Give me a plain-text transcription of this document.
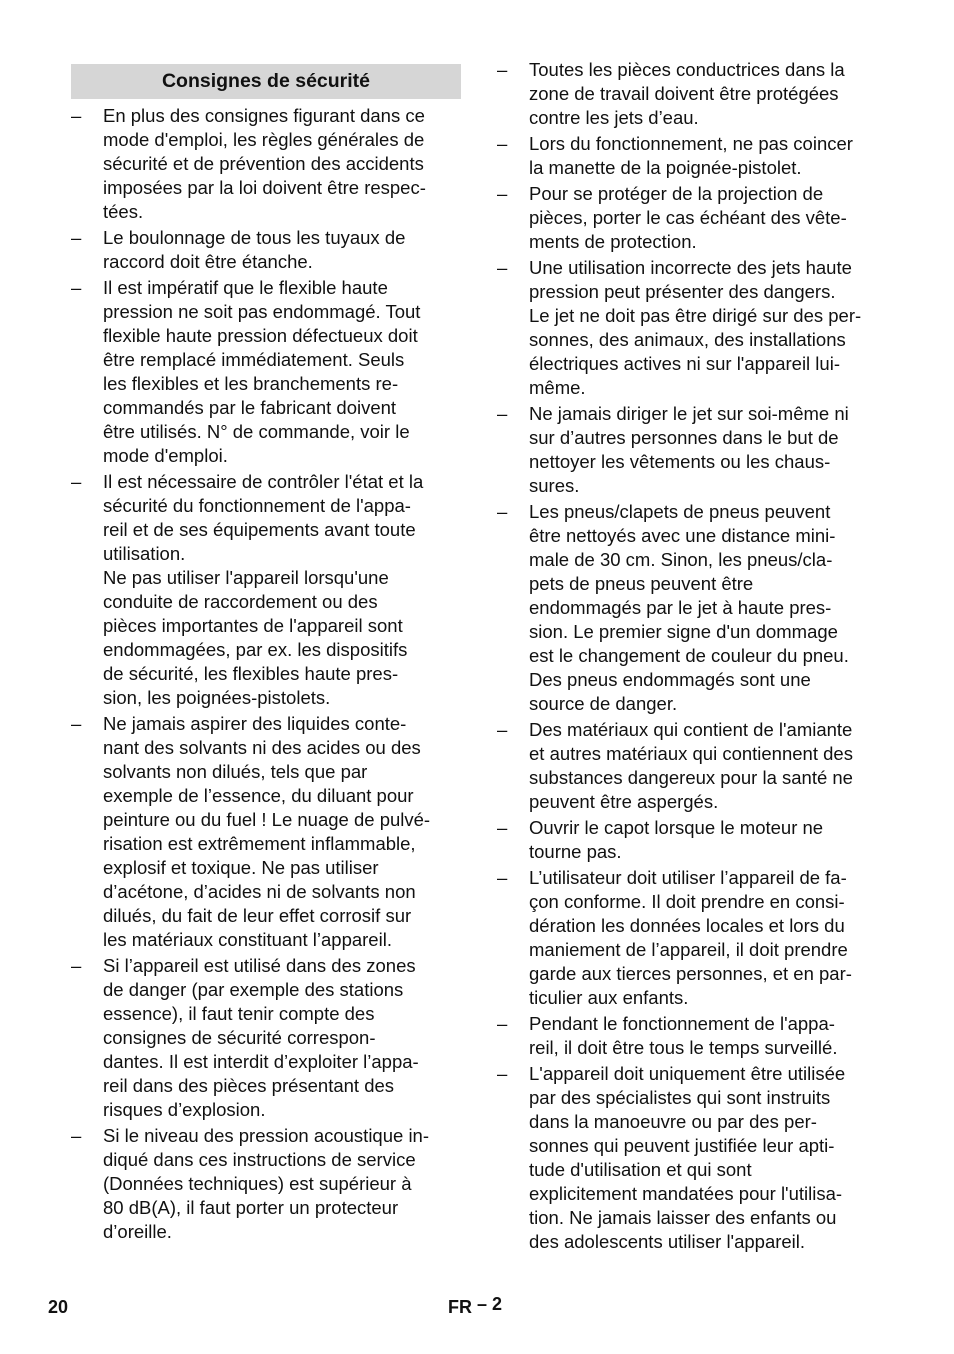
Consignes de sécurité
–	En plus des consignes figurant dans ce
mode d'emploi, les règles générales de
sécurité et de prévention des accidents
imposées par la loi doivent être respec-
tées.

–	Le boulonnage de tous les tuyaux de
raccord doit être étanche.

–	Il est impératif que le flexible haute
pression ne soit pas endommagé. Tout
flexible haute pression défectueux doit
être remplacé immédiatement. Seuls
les flexibles et les branchements re-
commandés par le fabricant doivent
être utilisés. N° de commande, voir le
mode d'emploi.

–	Il est nécessaire de contrôler l'état et la
sécurité du fonctionnement de l'appa-
reil et de ses équipements avant toute
utilisation.

Ne pas utiliser l'appareil lorsqu'une
conduite de raccordement ou des
pièces importantes de l'appareil sont
endommagées, par ex. les dispositifs
de sécurité, les flexibles haute pres-
sion, les poignées-pistolets.

–	Ne jamais aspirer des liquides conte-
nant des solvants ni des acides ou des
solvants non dilués, tels que par
exemple de l’essence, du diluant pour
peinture ou du fuel ! Le nuage de pulvé-
risation est extrêmement inflammable,
explosif et toxique. Ne pas utiliser
d’acétone, d’acides ni de solvants non
dilués, du fait de leur effet corrosif sur
les matériaux constituant l’appareil.

–	Si l’appareil est utilisé dans des zones
de danger (par exemple des stations
essence), il faut tenir compte des
consignes de sécurité correspon-
dantes. Il est interdit d’exploiter l’appa-
reil dans des pièces présentant des
risques d’explosion.

–	Si le niveau des pression acoustique in-
diqué dans ces instructions de service
(Données techniques) est supérieur à
80 dB(A), il faut porter un protecteur
d’oreille.

–	Toutes les pièces conductrices dans la
zone de travail doivent être protégées
contre les jets d’eau.

–	Lors du fonctionnement, ne pas coincer
la manette de la poignée-pistolet.

–	Pour se protéger de la projection de
pièces, porter le cas échéant des vête-
ments de protection.

–	Une utilisation incorrecte des jets haute
pression peut présenter des dangers.
Le jet ne doit pas être dirigé sur des per-
sonnes, des animaux, des installations
électriques actives ni sur l'appareil lui-
même.

–	Ne jamais diriger le jet sur soi-même ni
sur d’autres personnes dans le but de
nettoyer les vêtements ou les chaus-
sures.

–	Les pneus/clapets de pneus peuvent
être nettoyés avec une distance mini-
male de 30 cm. Sinon, les pneus/cla-
pets de pneus peuvent être
endommagés par le jet à haute pres-
sion. Le premier signe d'un dommage
est le changement de couleur du pneu.
Des pneus endommagés sont une
source de danger.

–	Des matériaux qui contient de l'amiante
et autres matériaux qui contiennent des
substances dangereux pour la santé ne
peuvent être aspergés.

–	Ouvrir le capot lorsque le moteur ne
tourne pas.

–	L’utilisateur doit utiliser l’appareil de fa-
çon conforme. Il doit prendre en consi-
dération les données locales et lors du
maniement de l’appareil, il doit prendre
garde aux tierces personnes, et en par-
ticulier aux enfants.

–	Pendant le fonctionnement de l'appa-
reil, il doit être tous le temps surveillé.

–	L'appareil doit uniquement être utilisée
par des spécialistes qui sont instruits
dans la manoeuvre ou par des per-
sonnes qui peuvent justifiée leur apti-
tude d'utilisation et qui sont
explicitement mandatées pour l'utilisa-
tion. Ne jamais laisser des enfants ou
des adolescents utiliser l'appareil.

20	FR – 2
